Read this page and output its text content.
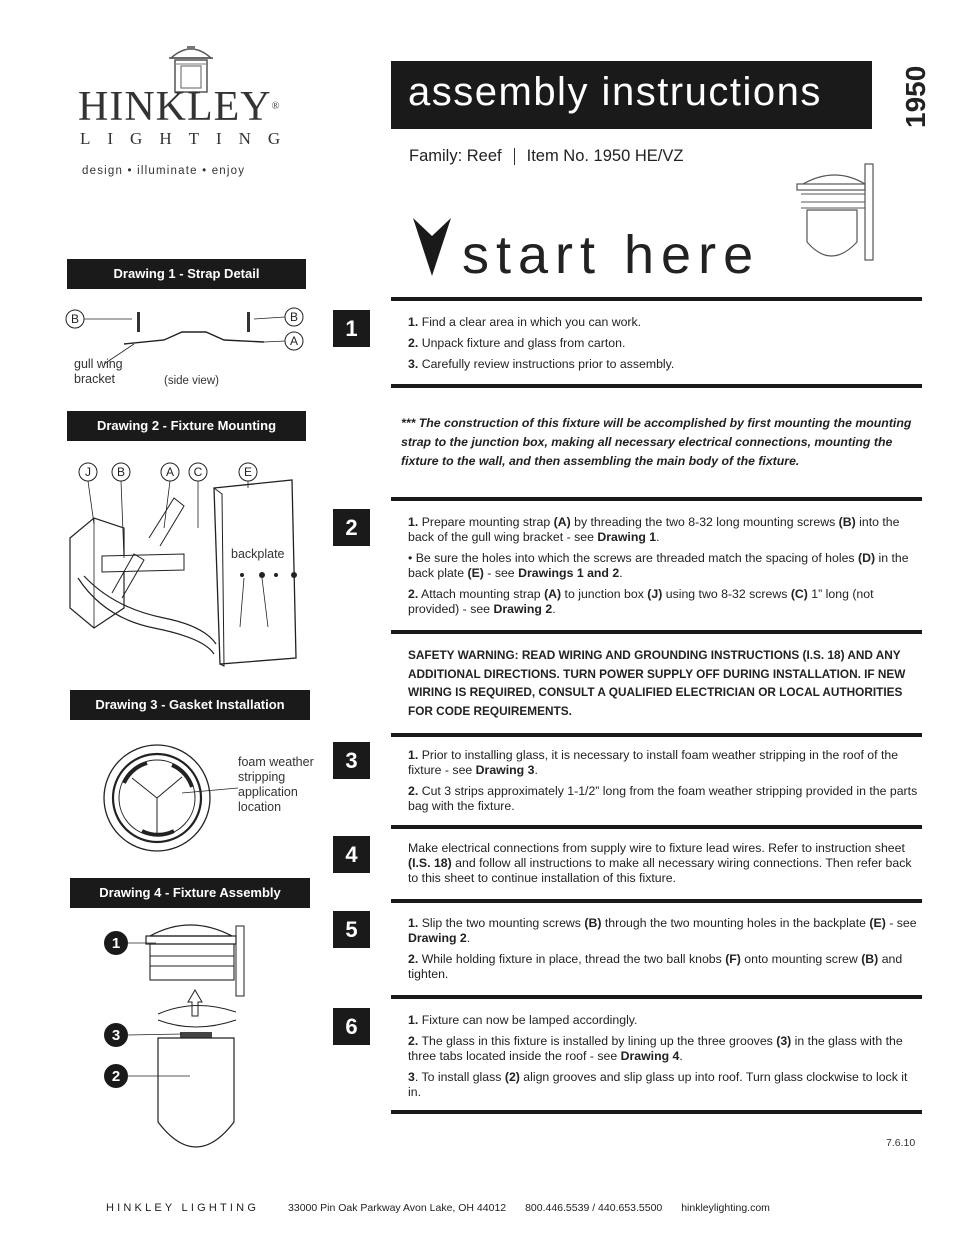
HINKLEY®
LIGHTING
design • illuminate • enjoy
assembly instructions	1950
Family: Reef Item No. 1950 HE/VZ
start here
1	1. Find a clear area in which you can work.

2. Unpack fixture and glass from carton.

3. Carefully review instructions prior to assembly.

*** The construction of this fixture will be accomplished by first mounting the mounting strap to the junction box, making all necessary electrical connections, mounting the fixture to the wall, and then assembling the main body of the fixture.
2	1. Prepare mounting strap (A) by threading the two 8-32 long mounting screws (B) into the back of the gull wing bracket - see Drawing 1.

• Be sure the holes into which the screws are threaded match the spacing of holes (D) in the back plate (E) - see Drawings 1 and 2.

2. Attach mounting strap (A) to junction box (J) using two 8-32 screws (C) 1” long (not provided) - see Drawing 2.

SAFETY WARNING: READ WIRING AND GROUNDING INSTRUCTIONS (I.S. 18) AND ANY ADDITIONAL DIRECTIONS. TURN POWER SUPPLY OFF DURING INSTALLATION. IF NEW WIRING IS REQUIRED, CONSULT A QUALIFIED ELECTRICIAN OR LOCAL AUTHORITIES FOR CODE REQUIREMENTS.
3	1. Prior to installing glass, it is necessary to install foam weather stripping in the roof of the fixture - see Drawing 3.

2. Cut 3 strips approximately 1-1/2” long from the foam weather stripping provided in the parts bag with the fixture.

4	Make electrical connections from supply wire to fixture lead wires. Refer to instruction sheet (I.S. 18) and follow all instructions to make all necessary wiring connections. Then refer back to this sheet to continue installation of this fixture.

5	1. Slip the two mounting screws (B) through the two mounting holes in the backplate (E) - see Drawing 2.

2. While holding fixture in place, thread the two ball knobs (F) onto mounting screw (B) and tighten.

6	1. Fixture can now be lamped accordingly.

2. The glass in this fixture is installed by lining up the three grooves (3) in the glass with the three tabs located inside the roof - see Drawing 4.

3. To install glass (2) align grooves and slip glass up into roof. Turn glass clockwise to lock it in.

7.6.10
Drawing 1 - Strap Detail
B	B
A
gull wing bracket	(side view)
Drawing 2 - Fixture Mounting
J B	A C	E
backplate
Drawing 3 - Gasket Installation
foam weather stripping application location
Drawing 4 - Fixture Assembly
1
3
2
HINKLEY LIGHTING	33000 Pin Oak Parkway Avon Lake, OH 44012 800.446.5539 / 440.653.5500 hinkleylighting.com
